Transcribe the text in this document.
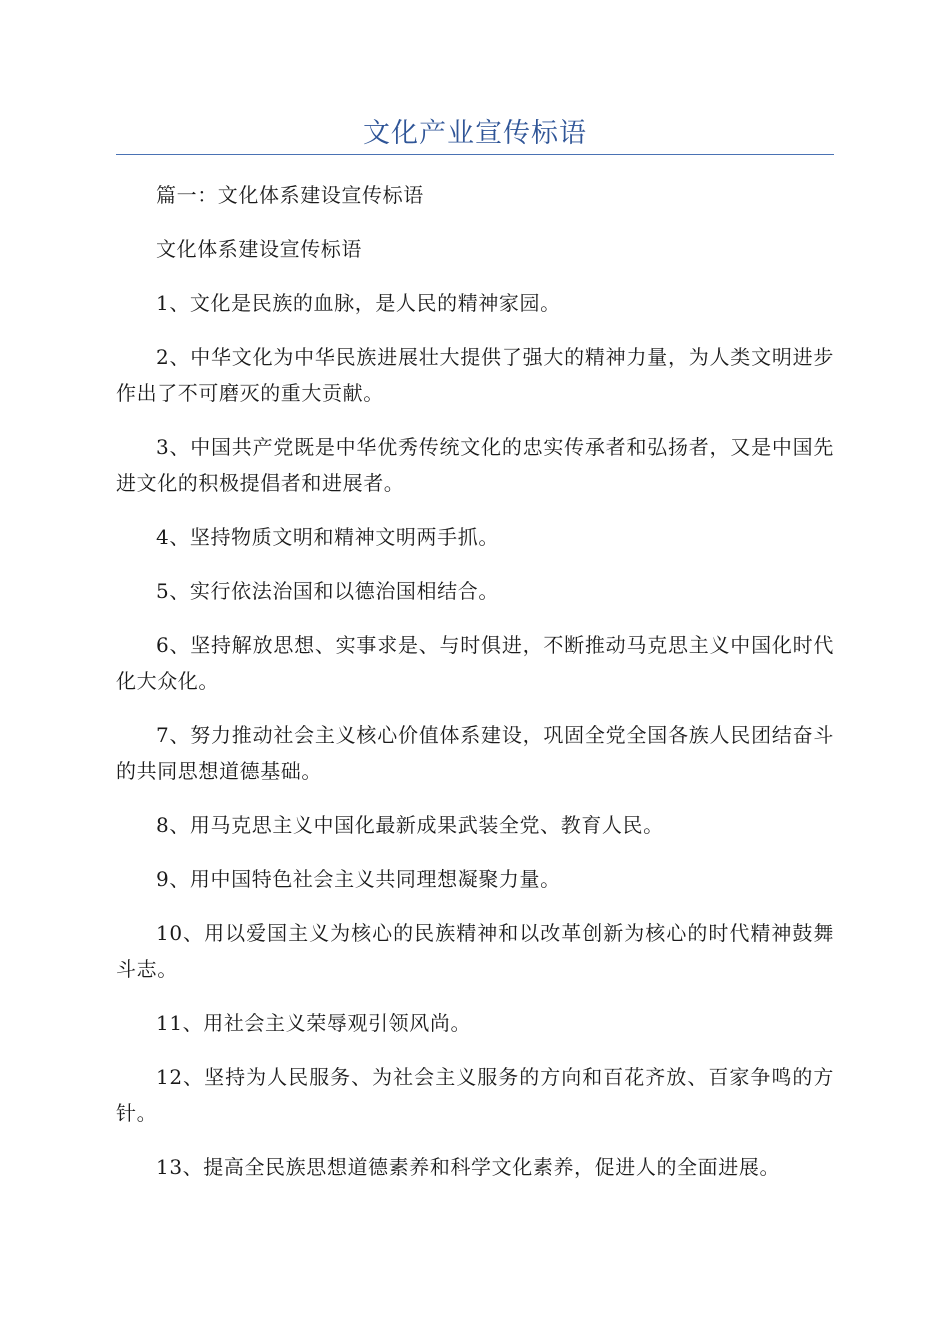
文化产业宣传标语

篇一：文化体系建设宣传标语

文化体系建设宣传标语

1、文化是民族的血脉，是人民的精神家园。

2、中华文化为中华民族进展壮大提供了强大的精神力量，为人类文明进步作出了不可磨灭的重大贡献。

3、中国共产党既是中华优秀传统文化的忠实传承者和弘扬者，又是中国先进文化的积极提倡者和进展者。

4、坚持物质文明和精神文明两手抓。

5、实行依法治国和以德治国相结合。

6、坚持解放思想、实事求是、与时俱进，不断推动马克思主义中国化时代化大众化。

7、努力推动社会主义核心价值体系建设，巩固全党全国各族人民团结奋斗的共同思想道德基础。

8、用马克思主义中国化最新成果武装全党、教育人民。

9、用中国特色社会主义共同理想凝聚力量。

10、用以爱国主义为核心的民族精神和以改革创新为核心的时代精神鼓舞斗志。

11、用社会主义荣辱观引领风尚。

12、坚持为人民服务、为社会主义服务的方向和百花齐放、百家争鸣的方针。

13、提高全民族思想道德素养和科学文化素养，促进人的全面进展。
